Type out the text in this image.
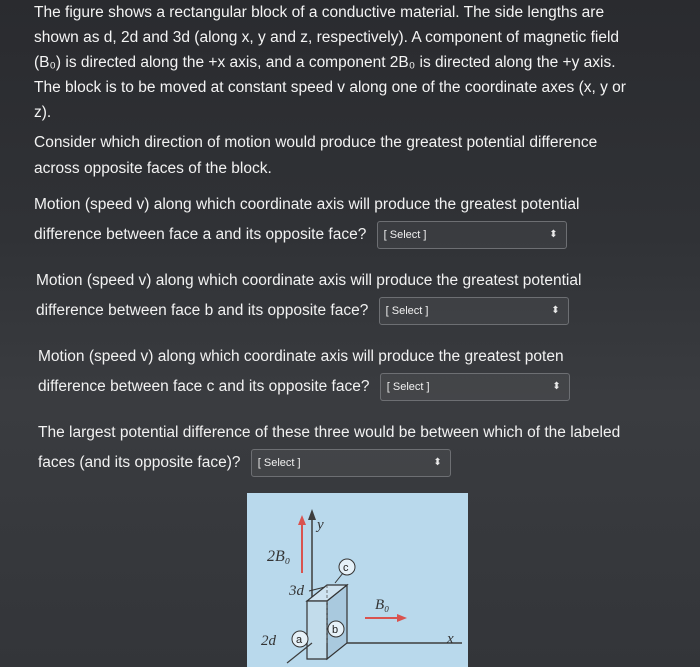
The figure shows a rectangular block of a conductive material. The side lengths are

shown as d, 2d and 3d (along x, y and z, respectively). A component of magnetic field

(B₀) is directed along the +x axis, and a component 2B₀ is directed along the +y axis.

The block is to be moved at constant speed v along one of the coordinate axes (x, y or

z).

Consider which direction of motion would produce the greatest potential difference

across opposite faces of the block.

Motion (speed v) along which coordinate axis will produce the greatest potential
difference between face a and its opposite face? [ Select ]	⬍
Motion (speed v) along which coordinate axis will produce the greatest potential
difference between face b and its opposite face? [ Select ]	⬍
Motion (speed v) along which coordinate axis will produce the greatest poten
difference between face c and its opposite face? [ Select ]	⬍
The largest potential difference of these three would be between which of the labeled
faces (and its opposite face)? [ Select ]	⬍
y
2B₀
3d
2d a
b
c
B₀
x
